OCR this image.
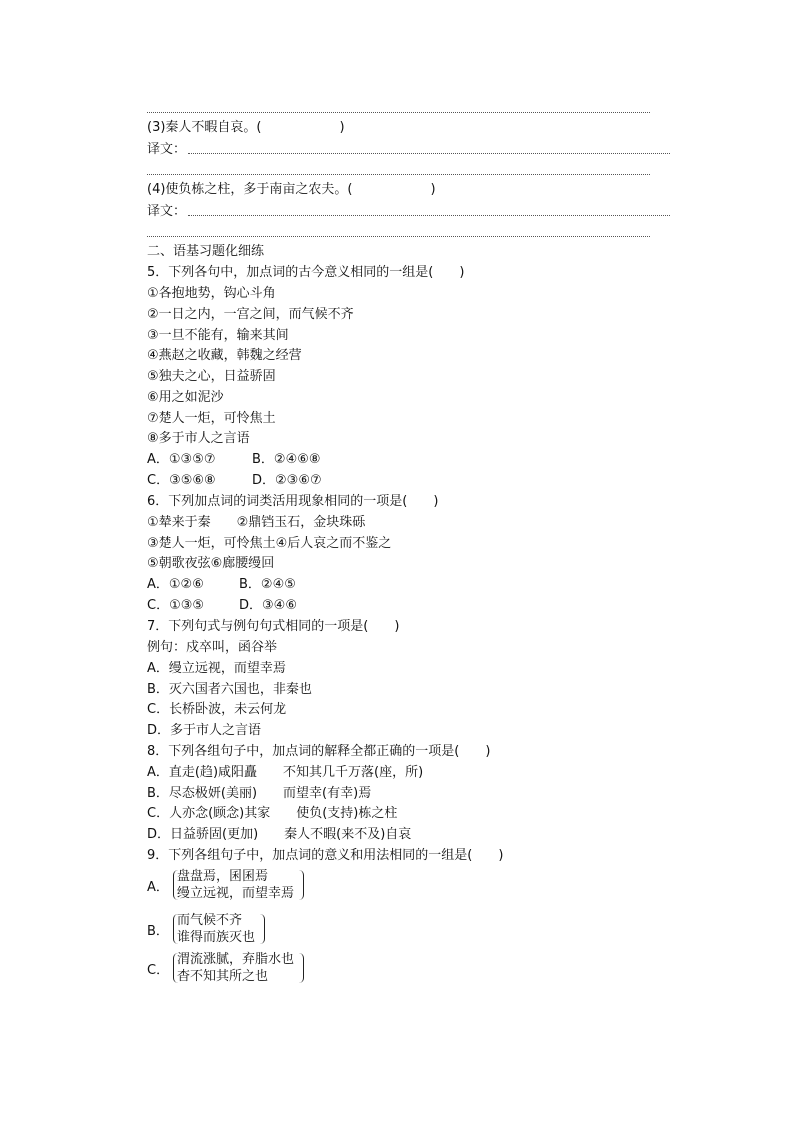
(3)秦人不暇自哀。(　　　　　　)
译文：
(4)使负栋之柱，多于南亩之农夫。(　　　　　　)
译文：
二、语基习题化细练
5．下列各句中，加点词的古今意义相同的一组是(　　)
①各抱地势，钩心斗角
②一日之内，一宫之间，而气候不齐
③一旦不能有，输来其间
④燕赵之收藏，韩魏之经营
⑤独夫之心，日益骄固
⑥用之如泥沙
⑦楚人一炬，可怜焦土
⑧多于市人之言语
A．①③⑤⑦	B．②④⑥⑧
C．③⑤⑥⑧	D．②③⑥⑦
6．下列加点词的词类活用现象相同的一项是(　　)
①辇来于秦　　②鼎铛玉石，金块珠砾
③楚人一炬，可怜焦土④后人哀之而不鉴之
⑤朝歌夜弦⑥廊腰缦回
A．①②⑥	B．②④⑤
C．①③⑤	D．③④⑥
7．下列句式与例句句式相同的一项是(　　)
例句：戍卒叫，函谷举
A．缦立远视，而望幸焉
B．灭六国者六国也，非秦也
C．长桥卧波，未云何龙
D．多于市人之言语
8．下列各组句子中，加点词的解释全都正确的一项是(　　)
A．直走(趋)咸阳矗　　不知其几千万落(座，所)
B．尽态极妍(美丽)　　而望幸(有幸)焉
C．人亦念(顾念)其家　　使负(支持)栋之柱
D．日益骄固(更加)　　秦人不暇(来不及)自哀
9．下列各组句子中，加点词的意义和用法相同的一组是(　　)
A．
盘盘焉，囷囷焉
缦立远视，而望幸焉
B．
而气候不齐
谁得而族灭也
C．
渭流涨腻，弃脂水也
杳不知其所之也
